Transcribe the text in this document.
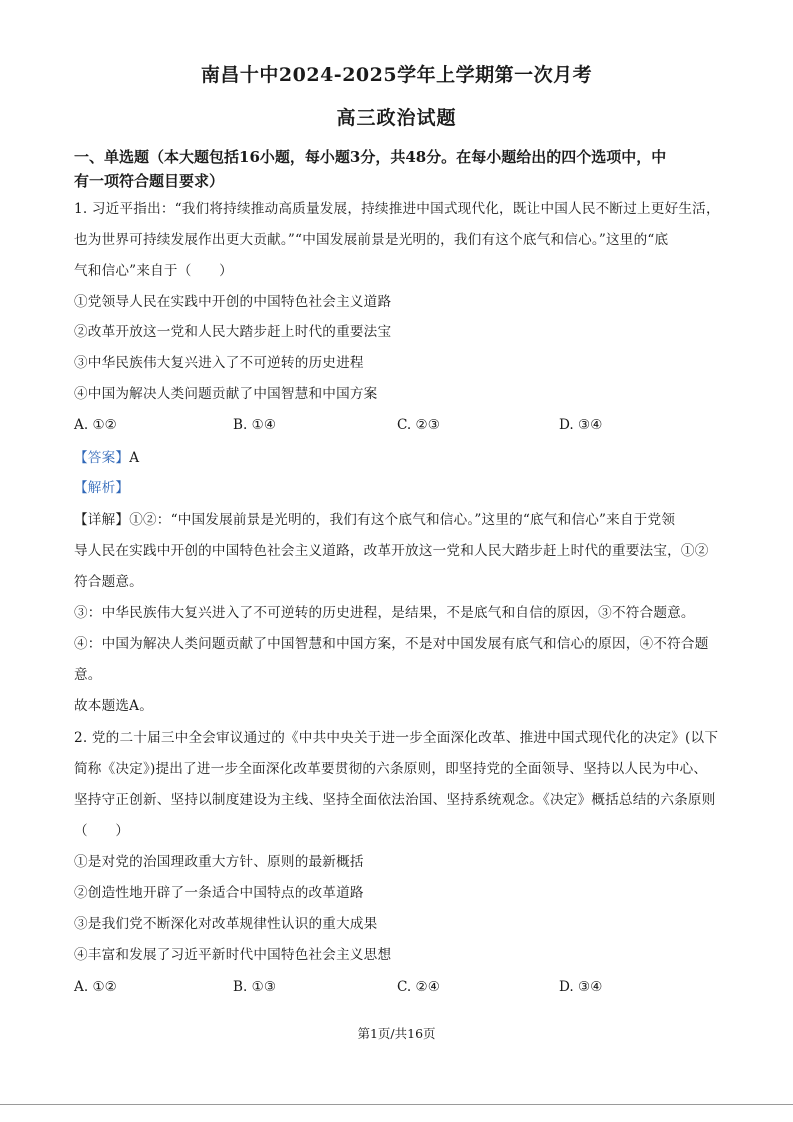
南昌十中2024-2025学年上学期第一次月考
高三政治试题
一、单选题（本大题包括16小题，每小题3分，共48分。在每小题给出的四个选项中，中
有一项符合题目要求）
1. 习近平指出：“我们将持续推动高质量发展，持续推进中国式现代化，既让中国人民不断过上更好生活，
也为世界可持续发展作出更大贡献。”“中国发展前景是光明的，我们有这个底气和信心。”这里的“底
气和信心”来自于（　　）
①党领导人民在实践中开创的中国特色社会主义道路
②改革开放这一党和人民大踏步赶上时代的重要法宝
③中华民族伟大复兴进入了不可逆转的历史进程
④中国为解决人类问题贡献了中国智慧和中国方案
A. ①②	B. ①④	C. ②③	D. ③④
【答案】A
【解析】
【详解】①②：“中国发展前景是光明的，我们有这个底气和信心。”这里的“底气和信心”来自于党领
导人民在实践中开创的中国特色社会主义道路，改革开放这一党和人民大踏步赶上时代的重要法宝，①②
符合题意。
③：中华民族伟大复兴进入了不可逆转的历史进程，是结果，不是底气和自信的原因，③不符合题意。
④：中国为解决人类问题贡献了中国智慧和中国方案，不是对中国发展有底气和信心的原因，④不符合题
意。
故本题选A。
2. 党的二十届三中全会审议通过的《中共中央关于进一步全面深化改革、推进中国式现代化的决定》(以下
简称《决定》)提出了进一步全面深化改革要贯彻的六条原则，即坚持党的全面领导、坚持以人民为中心、
坚持守正创新、坚持以制度建设为主线、坚持全面依法治国、坚持系统观念。《决定》概括总结的六条原则
（　　）
①是对党的治国理政重大方针、原则的最新概括
②创造性地开辟了一条适合中国特点的改革道路
③是我们党不断深化对改革规律性认识的重大成果
④丰富和发展了习近平新时代中国特色社会主义思想
A. ①②	B. ①③	C. ②④	D. ③④
第1页/共16页
